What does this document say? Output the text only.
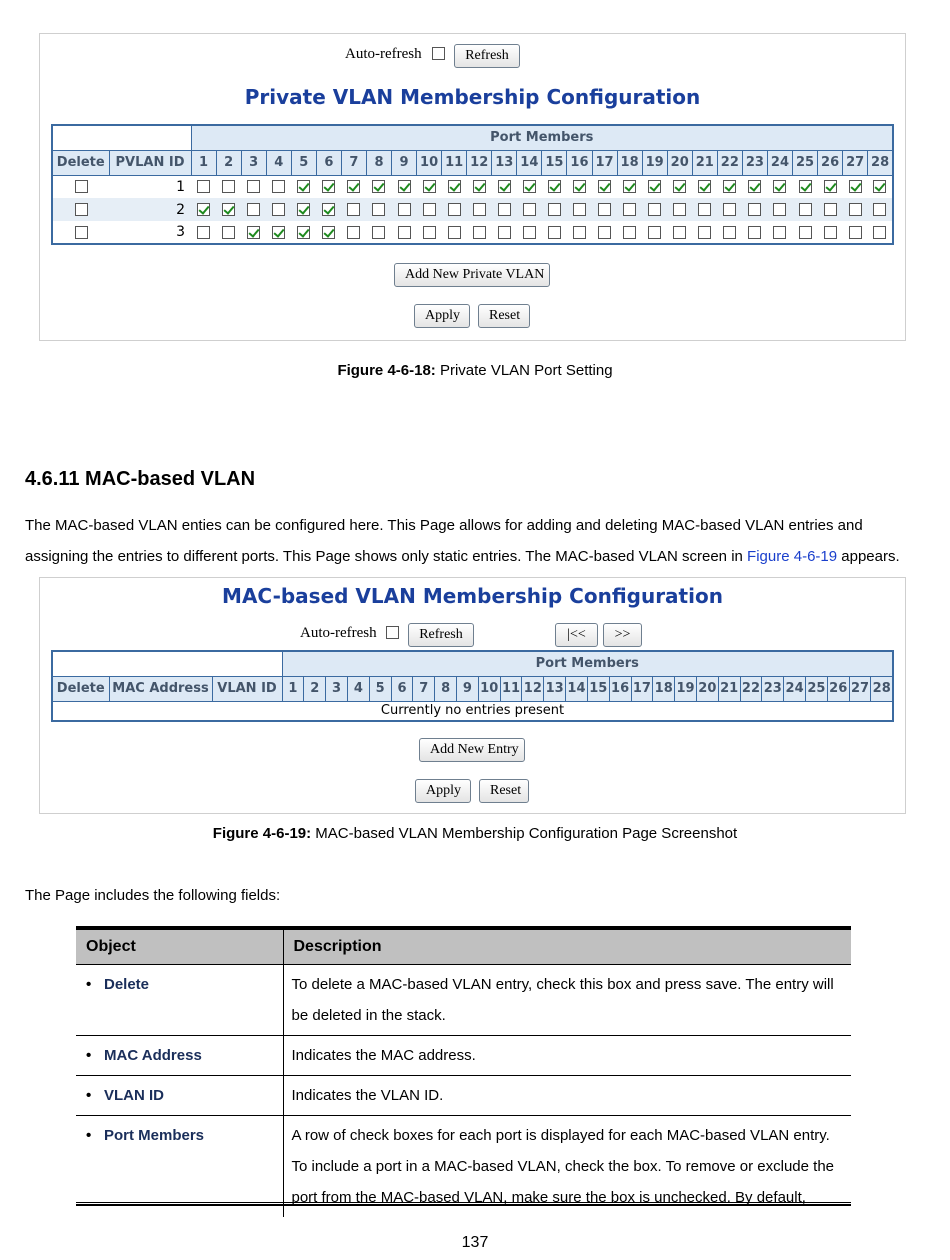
Auto-refresh	Refresh
Private VLAN Membership Configuration
		Port Members																											
Delete	PVLAN ID	1	2	3	4	5	6	7	8	9	10	11	12	13	14	15	16	17	18	19	20	21	22	23	24	25	26	27	28
	1																												
	2																												
	3																												
Add New Private VLAN
Apply	Reset
Figure 4-6-18: Private VLAN Port Setting
4.6.11 MAC-based VLAN
The MAC-based VLAN enties can be configured here. This Page allows for adding and deleting MAC-based VLAN entries and assigning the entries to different ports. This Page shows only static entries. The MAC-based VLAN screen in Figure 4-6-19 appears.
MAC-based VLAN Membership Configuration
Auto-refresh	Refresh	|<<	>>
			Port Members																											
Delete	MAC Address	VLAN ID	1	2	3	4	5	6	7	8	9	10	11	12	13	14	15	16	17	18	19	20	21	22	23	24	25	26	27	28
Currently no entries present																														
Add New Entry
Apply	Reset
Figure 4-6-19: MAC-based VLAN Membership Configuration Page Screenshot
The Page includes the following fields:
Object	Description
• Delete	To delete a MAC-based VLAN entry, check this box and press save. The entry will be deleted in the stack.
• MAC Address	Indicates the MAC address.
• VLAN ID	Indicates the VLAN ID.
• Port Members	A row of check boxes for each port is displayed for each MAC-based VLAN entry. To include a port in a MAC-based VLAN, check the box. To remove or exclude the port from the MAC-based VLAN, make sure the box is unchecked. By default,
137
